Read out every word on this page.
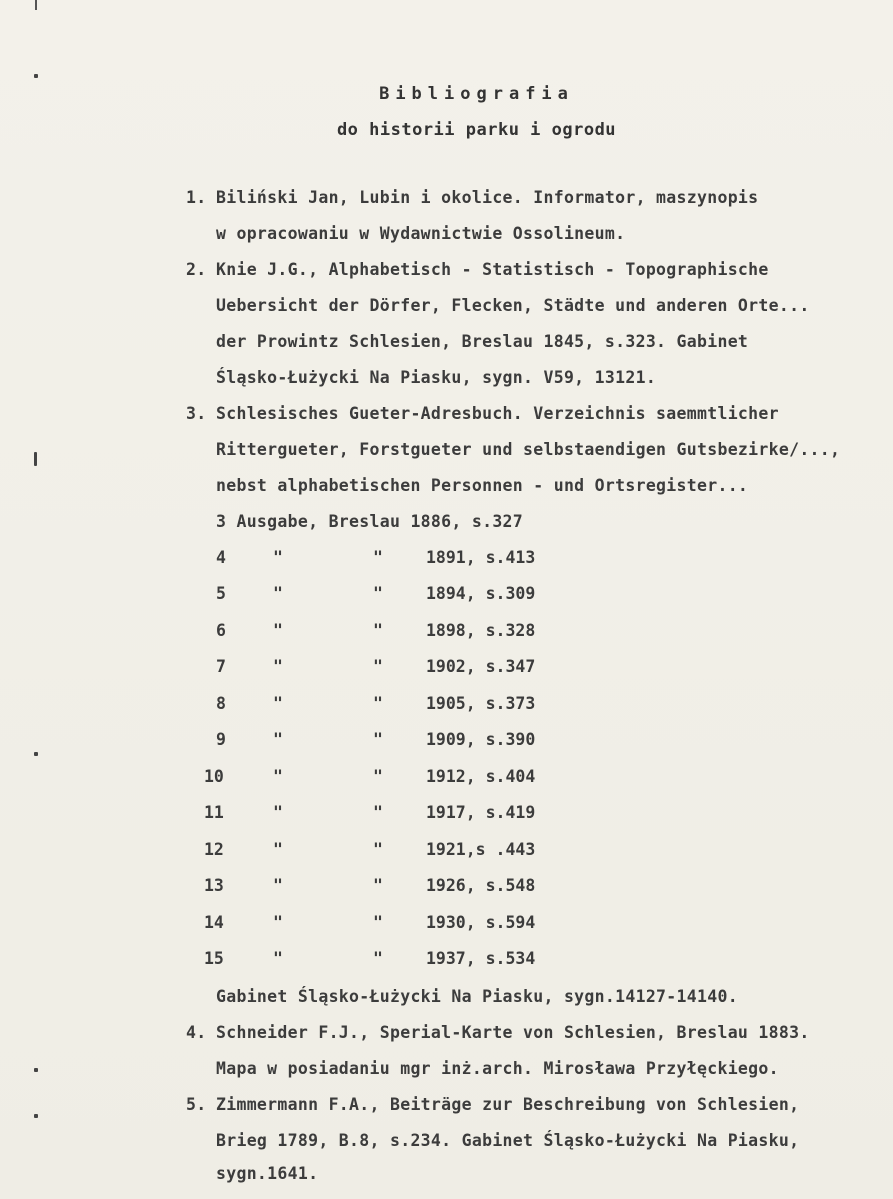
Bibliografia
do historii parku i ogrodu
1. Biliński Jan, Lubin i okolice. Informator, maszynopis
w opracowaniu w Wydawnictwie Ossolineum.
2. Knie J.G., Alphabetisch - Statistisch - Topographische
Uebersicht der Dörfer, Flecken, Städte und anderen Orte...
der Prowintz Schlesien, Breslau 1845, s.323. Gabinet
Śląsko-Łużycki Na Piasku, sygn. V59, 13121.
3. Schlesisches Gueter-Adresbuch. Verzeichnis saemmtlicher
Rittergueter, Forstgueter und selbstaendigen Gutsbezirke/...,
nebst alphabetischen Personnen - und Ortsregister...
3 Ausgabe, Breslau 1886, s.327
4	"	"	1891, s.413
5	"	"	1894, s.309
6	"	"	1898, s.328
7	"	"	1902, s.347
8	"	"	1905, s.373
9	"	"	1909, s.390
10	"	"	1912, s.404
11	"	"	1917, s.419
12	"	"	1921,s .443
13	"	"	1926, s.548
14	"	"	1930, s.594
15	"	"	1937, s.534
Gabinet Śląsko-Łużycki Na Piasku, sygn.14127-14140.
4. Schneider F.J., Sperial-Karte von Schlesien, Breslau 1883.
Mapa w posiadaniu mgr inż.arch. Mirosława Przyłęckiego.
5. Zimmermann F.A., Beiträge zur Beschreibung von Schlesien,
Brieg 1789, B.8, s.234. Gabinet Śląsko-Łużycki Na Piasku,
sygn.1641.
